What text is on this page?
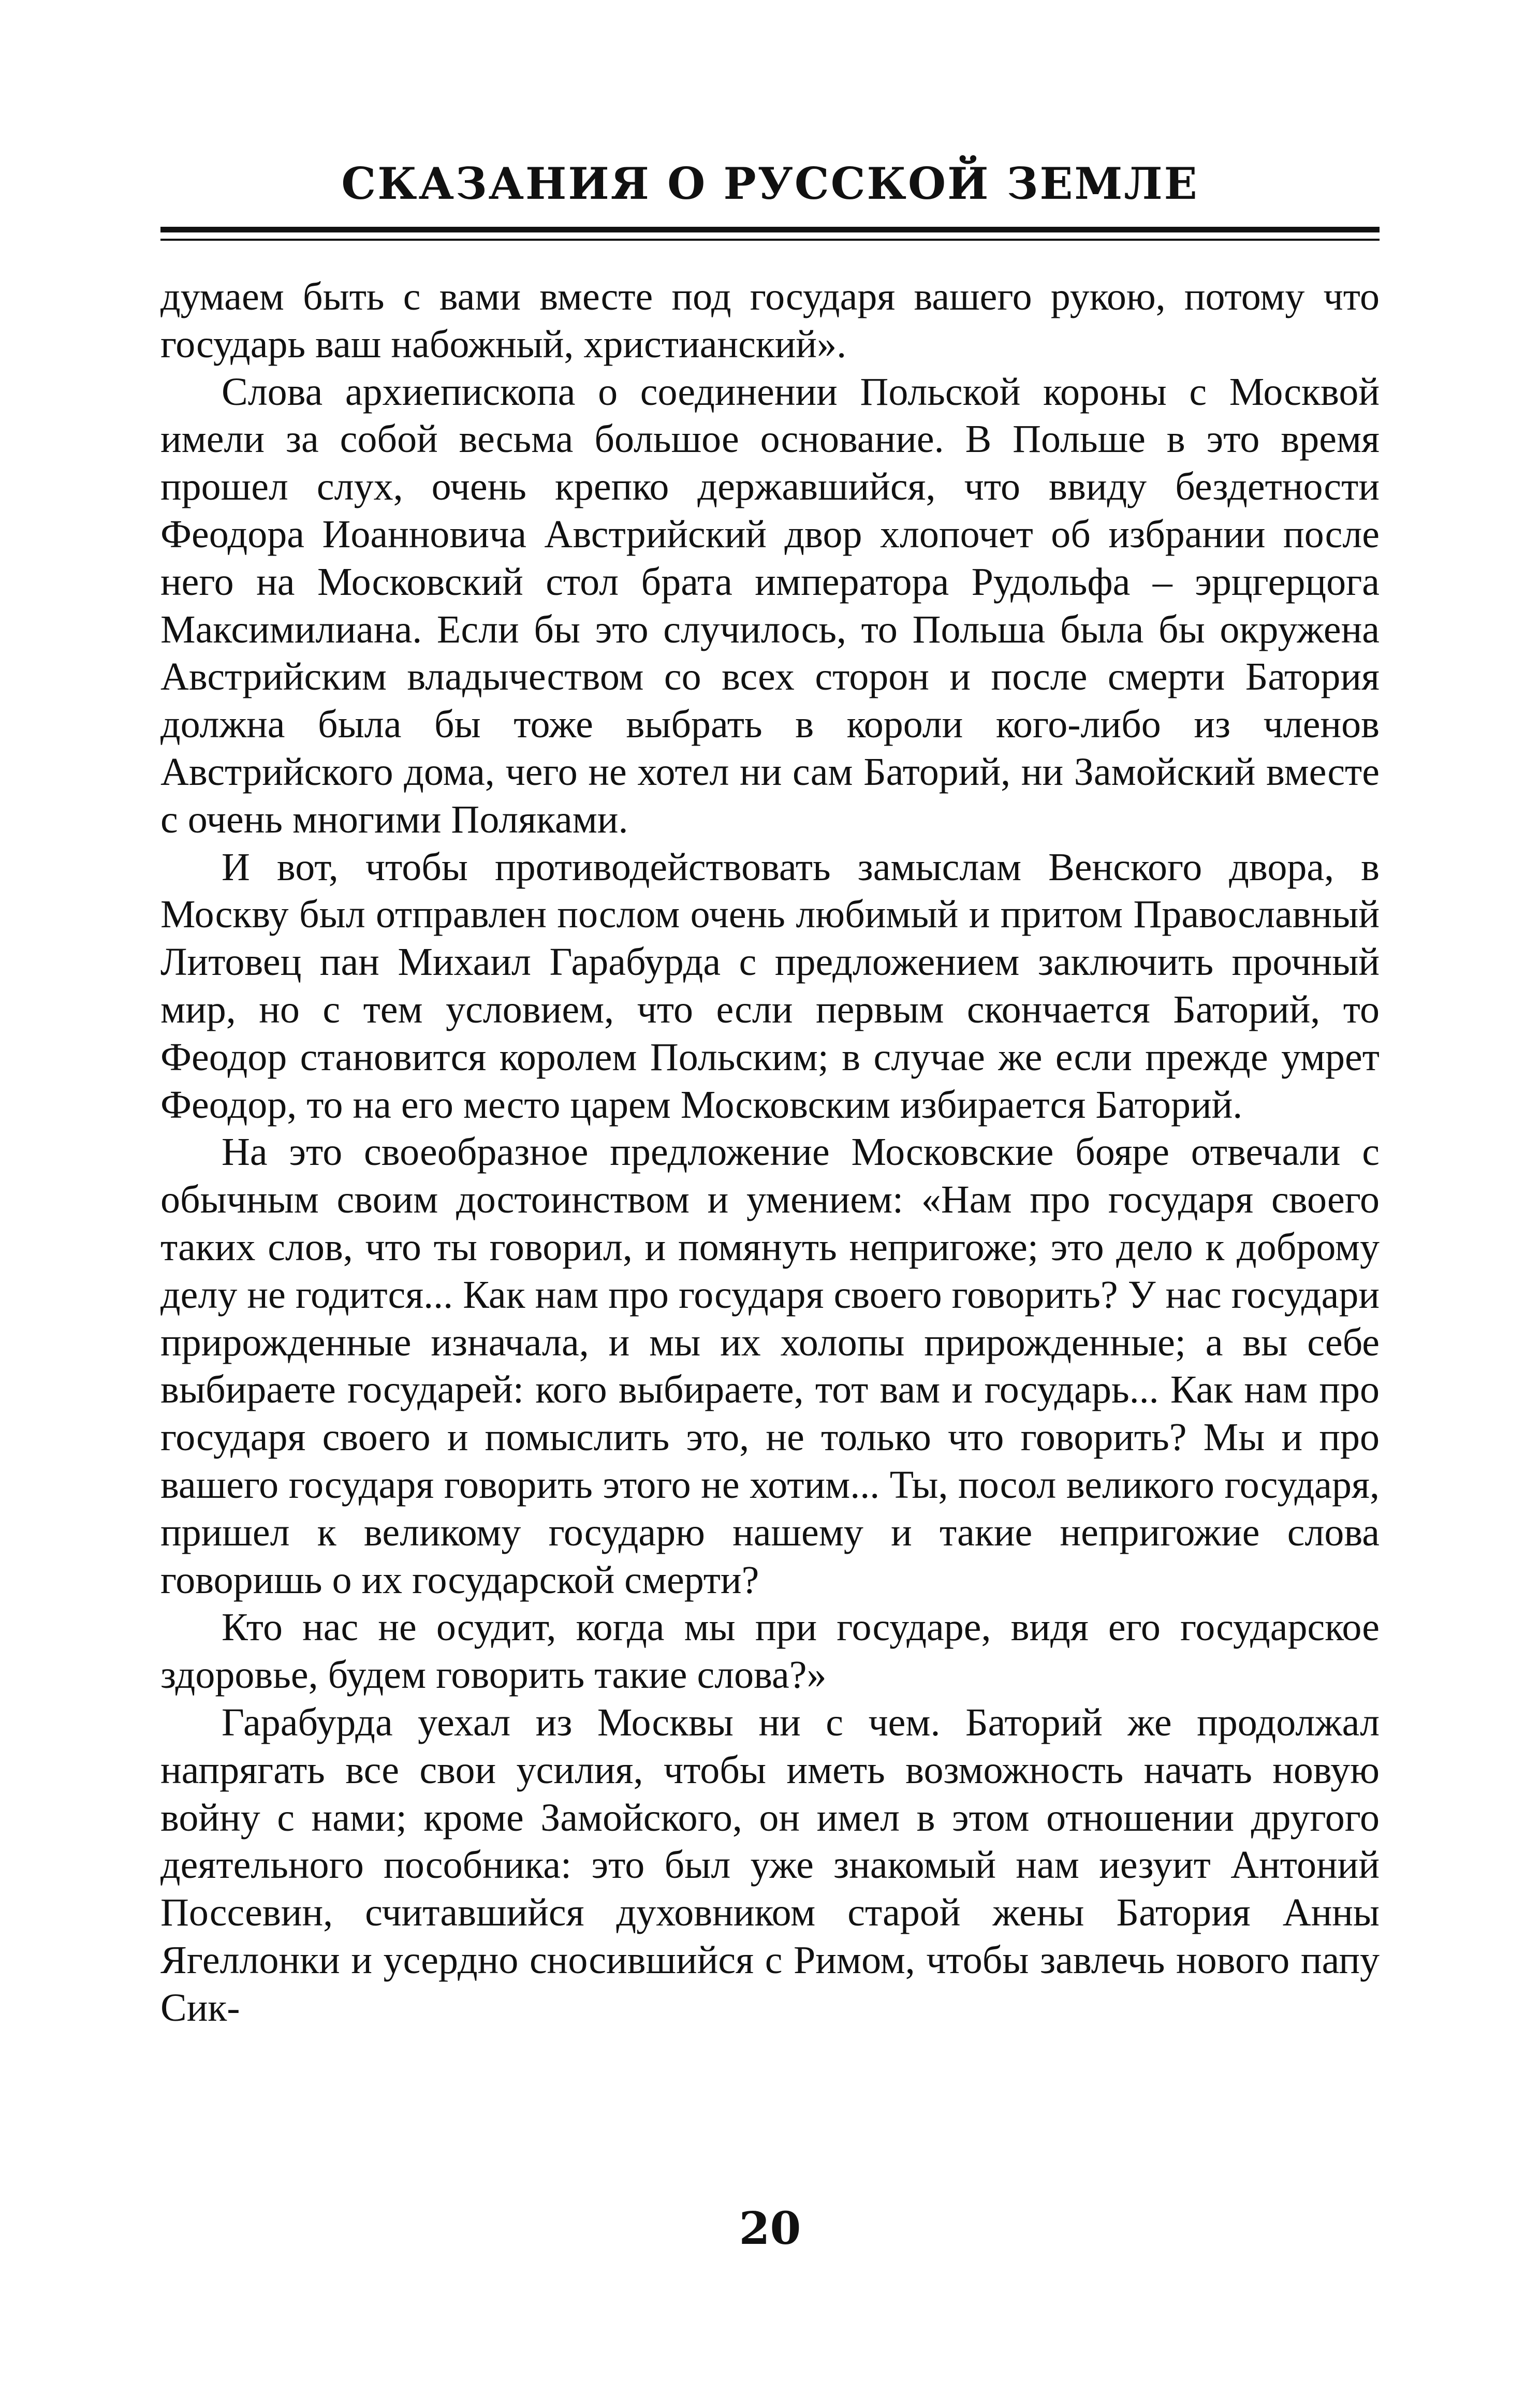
СКАЗАНИЯ О РУССКОЙ ЗЕМЛЕ

думаем быть с вами вместе под государя вашего рукою, потому что государь ваш набожный, христианский».

Слова архиепископа о соединении Польской короны с Москвой имели за собой весьма большое основание. В Польше в это время прошел слух, очень крепко державшийся, что ввиду бездетности Феодора Иоанновича Австрийский двор хлопочет об избрании после него на Московский стол брата императора Рудольфа – эрцгерцога Максимилиана. Если бы это случилось, то Польша была бы окружена Австрийским владычеством со всех сторон и после смерти Батория должна была бы тоже выбрать в короли кого-либо из членов Австрийского дома, чего не хотел ни сам Баторий, ни Замойский вместе с очень многими Поляками.

И вот, чтобы противодействовать замыслам Венского двора, в Москву был отправлен послом очень любимый и притом Православный Литовец пан Михаил Гарабурда с предложением заключить прочный мир, но с тем условием, что если первым скончается Баторий, то Феодор становится королем Польским; в случае же если прежде умрет Феодор, то на его место царем Московским избирается Баторий.

На это своеобразное предложение Московские бояре отвечали с обычным своим достоинством и умением: «Нам про государя своего таких слов, что ты говорил, и помянуть непригоже; это дело к доброму делу не годится... Как нам про государя своего говорить? У нас государи прирожденные изначала, и мы их холопы прирожденные; а вы себе выбираете государей: кого выбираете, тот вам и государь... Как нам про государя своего и помыслить это, не только что говорить? Мы и про вашего государя говорить этого не хотим... Ты, посол великого государя, пришел к великому государю нашему и такие непригожие слова говоришь о их государской смерти?

Кто нас не осудит, когда мы при государе, видя его государское здоровье, будем говорить такие слова?»

Гарабурда уехал из Москвы ни с чем. Баторий же продолжал напрягать все свои усилия, чтобы иметь возможность начать новую войну с нами; кроме Замойского, он имел в этом отношении другого деятельного пособника: это был уже знакомый нам иезуит Антоний Поссевин, считавшийся духовником старой жены Батория Анны Ягеллонки и усердно сносившийся с Римом, чтобы завлечь нового папу Сик-

20
